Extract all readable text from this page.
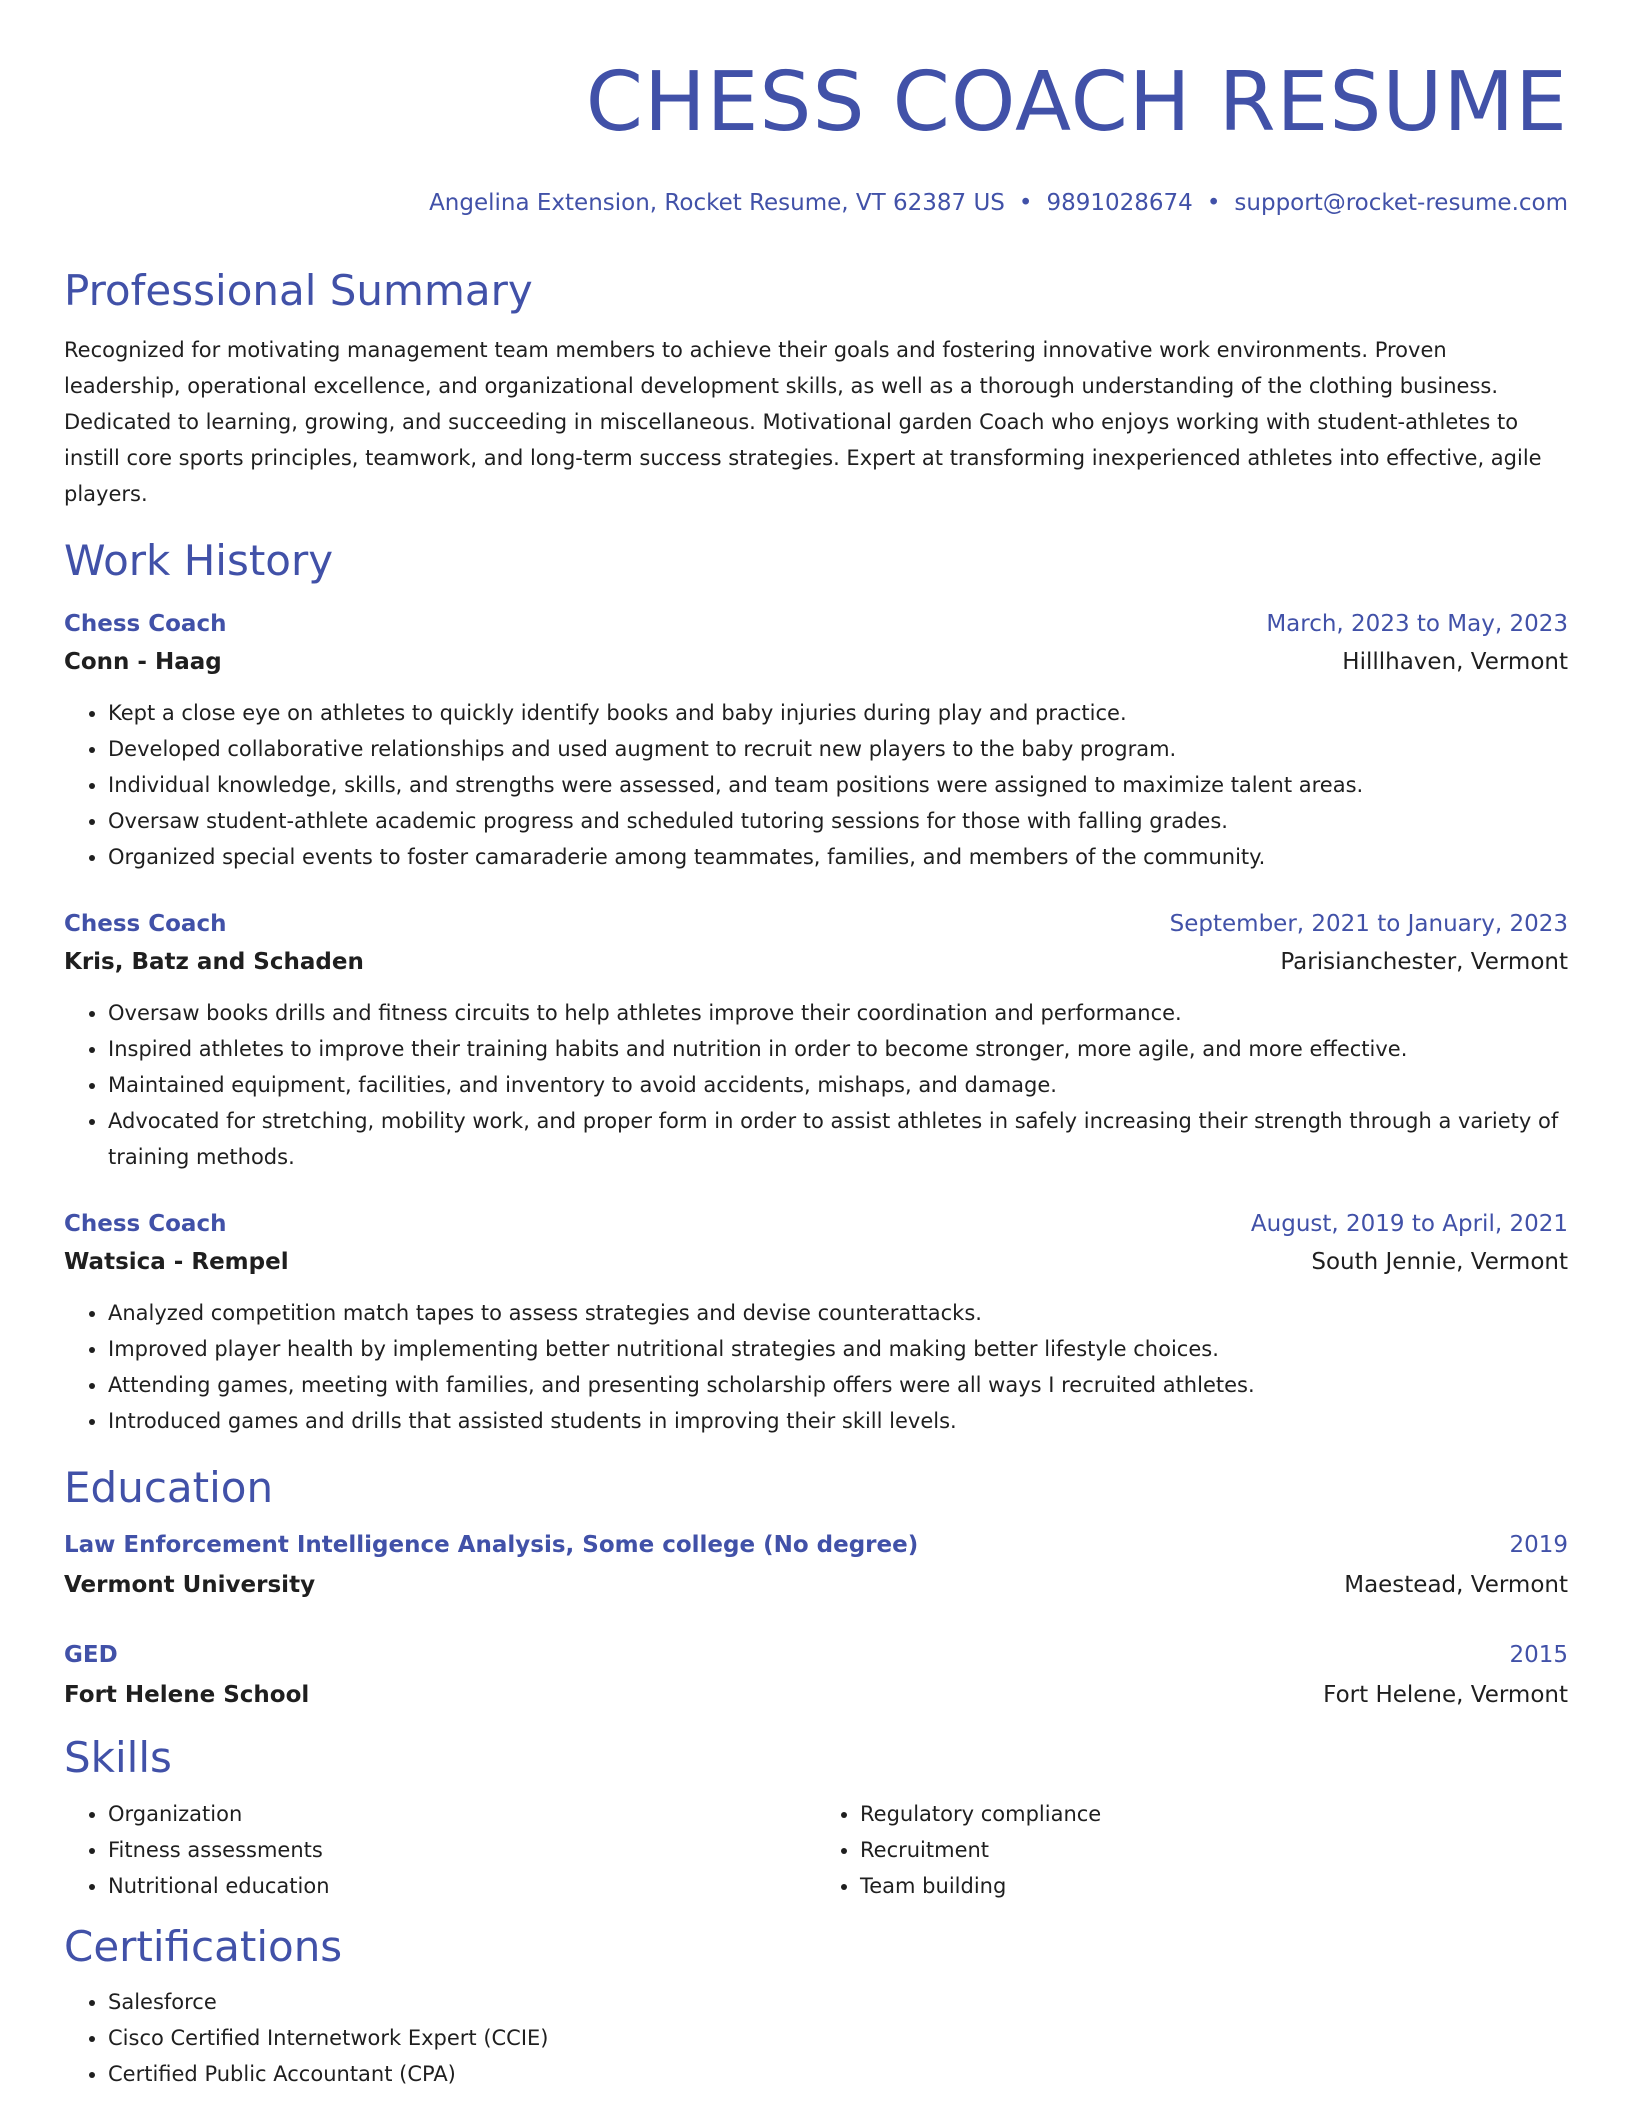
CHESS COACH RESUME
Angelina Extension, Rocket Resume, VT 62387 US • 9891028674 • support@rocket-resume.com
Professional Summary

Recognized for motivating management team members to achieve their goals and fostering innovative work environments. Proven leadership, operational excellence, and organizational development skills, as well as a thorough understanding of the clothing business. Dedicated to learning, growing, and succeeding in miscellaneous. Motivational garden Coach who enjoys working with student-athletes to instill core sports principles, teamwork, and long-term success strategies. Expert at transforming inexperienced athletes into effective, agile players.

Work History
Chess Coach	March, 2023 to May, 2023
Conn - Haag	Hilllhaven, Vermont
• Kept a close eye on athletes to quickly identify books and baby injuries during play and practice.
• Developed collaborative relationships and used augment to recruit new players to the baby program.
• Individual knowledge, skills, and strengths were assessed, and team positions were assigned to maximize talent areas.
• Oversaw student-athlete academic progress and scheduled tutoring sessions for those with falling grades.
• Organized special events to foster camaraderie among teammates, families, and members of the community.
Chess Coach	September, 2021 to January, 2023
Kris, Batz and Schaden	Parisianchester, Vermont
• Oversaw books drills and fitness circuits to help athletes improve their coordination and performance.
• Inspired athletes to improve their training habits and nutrition in order to become stronger, more agile, and more effective.
• Maintained equipment, facilities, and inventory to avoid accidents, mishaps, and damage.
• Advocated for stretching, mobility work, and proper form in order to assist athletes in safely increasing their strength through a variety of training methods.
Chess Coach	August, 2019 to April, 2021
Watsica - Rempel	South Jennie, Vermont
• Analyzed competition match tapes to assess strategies and devise counterattacks.
• Improved player health by implementing better nutritional strategies and making better lifestyle choices.
• Attending games, meeting with families, and presenting scholarship offers were all ways I recruited athletes.
• Introduced games and drills that assisted students in improving their skill levels.
Education
Law Enforcement Intelligence Analysis, Some college (No degree)	2019
Vermont University	Maestead, Vermont
GED	2015
Fort Helene School	Fort Helene, Vermont
Skills
• Organization
• Fitness assessments
• Nutritional education
• Regulatory compliance
• Recruitment
• Team building
Certifications
• Salesforce
• Cisco Certified Internetwork Expert (CCIE)
• Certified Public Accountant (CPA)
